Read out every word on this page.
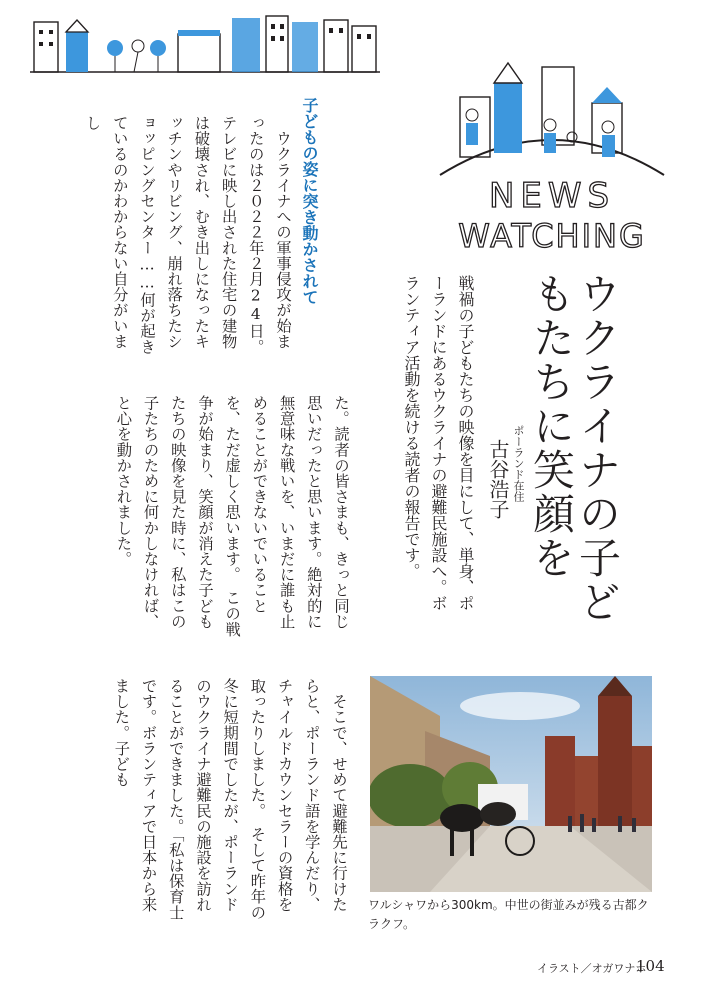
NEWS
WATCHING
ウクライナの子どもたちに笑顔を
ポーランド在住
古谷浩子
戦禍の子どもたちの映像を目にして、単身、ポーランドにあるウクライナの避難民施設へ。ボランティア活動を続ける読者の報告です。
子どもの姿に突き動かされて
　ウクライナへの軍事侵攻が始まったのは２０２２年２月24日。テレビに映し出された住宅の建物は破壊され、むき出しになったキッチンやリビング、崩れ落ちたショッピングセンター……何が起きているのかわからない自分がいまし
た。読者の皆さまも、きっと同じ思いだったと思います。絶対的に無意味な戦いを、いまだに誰も止めることができないでいることを、ただ虚しく思います。　この戦争が始まり、笑顔が消えた子どもたちの映像を見た時に、私はこの子たちのために何かしなければ、と心を動かされました。
　そこで、せめて避難先に行けたらと、ポーランド語を学んだり、チャイルドカウンセラーの資格を取ったりしました。　そして昨年の冬に短期間でしたが、ポーランドのウクライナ避難民の施設を訪れることができました。「私は保育士です。ボランティアで日本から来ました。子ども
ワルシャワから300km。中世の街並みが残る古都クラクフ。
イラスト／オガワナホ
104
